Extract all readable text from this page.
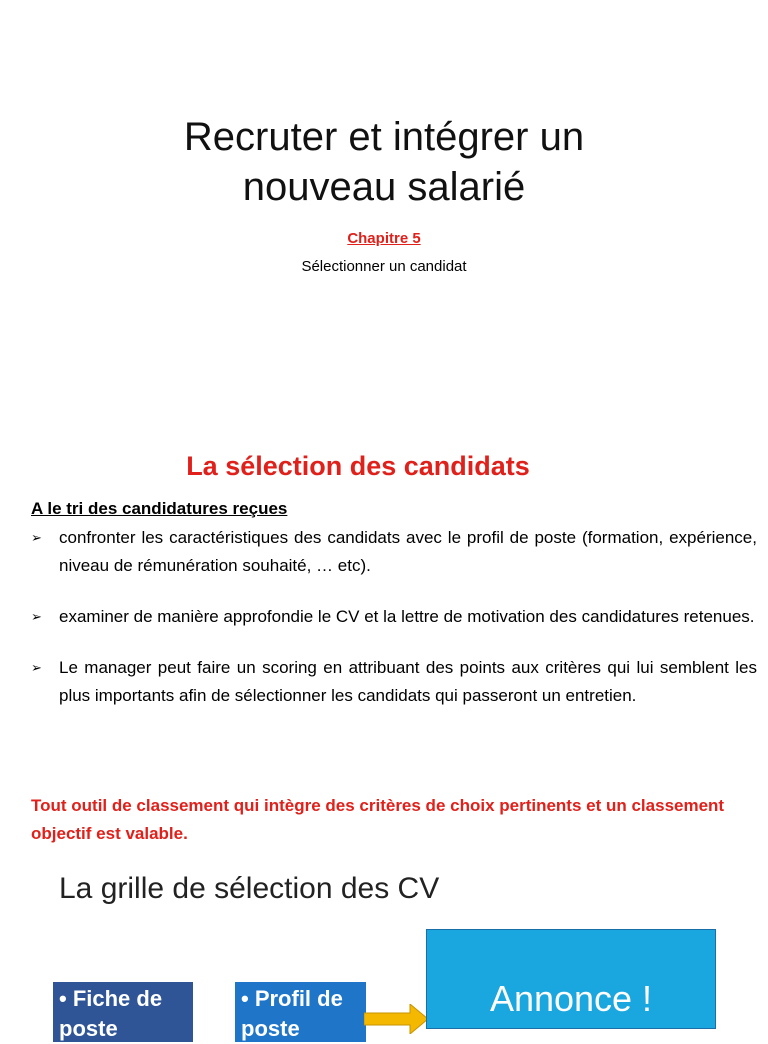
Recruter et intégrer un
nouveau salarié
Chapitre 5
Sélectionner un candidat
La sélection des candidats
A le tri des candidatures reçues
➢ confronter les caractéristiques des candidats avec le profil de poste (formation, expérience, niveau de rémunération souhaité, … etc).
➢ examiner de manière approfondie le CV et la lettre de motivation des candidatures retenues.
➢ Le manager peut faire un scoring en attribuant des points aux critères qui lui semblent les plus importants afin de sélectionner les candidats qui passeront un entretien.
Tout outil de classement qui intègre des critères de choix pertinents et un classement objectif est valable.
La grille de sélection des CV
• Fiche de
poste
• Profil de
poste
Annonce !
